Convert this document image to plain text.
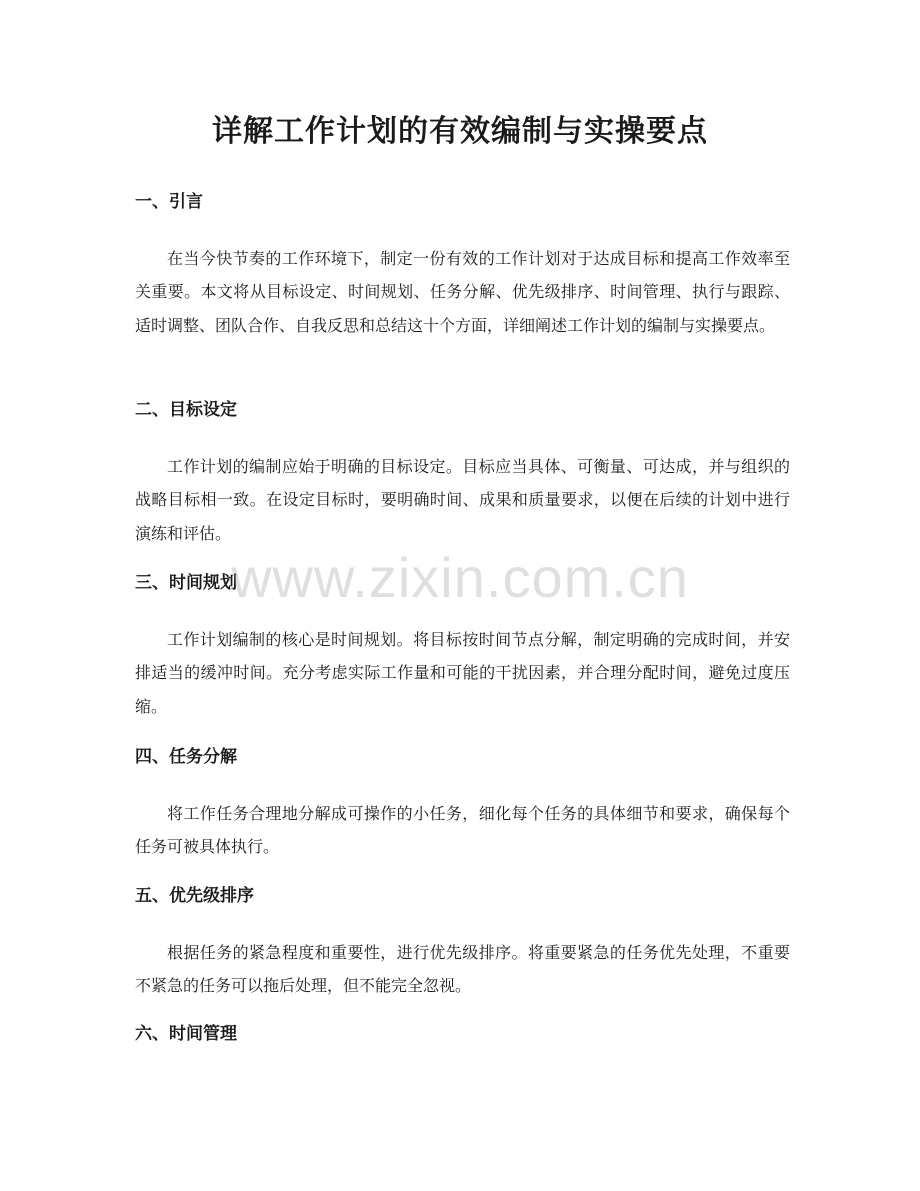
详解工作计划的有效编制与实操要点
一、引言

在当今快节奏的工作环境下，制定一份有效的工作计划对于达成目标和提高工作效率至关重要。本文将从目标设定、时间规划、任务分解、优先级排序、时间管理、执行与跟踪、适时调整、团队合作、自我反思和总结这十个方面，详细阐述工作计划的编制与实操要点。

二、目标设定

工作计划的编制应始于明确的目标设定。目标应当具体、可衡量、可达成，并与组织的战略目标相一致。在设定目标时，要明确时间、成果和质量要求，以便在后续的计划中进行演练和评估。

三、时间规划

工作计划编制的核心是时间规划。将目标按时间节点分解，制定明确的完成时间，并安排适当的缓冲时间。充分考虑实际工作量和可能的干扰因素，并合理分配时间，避免过度压缩。

四、任务分解

将工作任务合理地分解成可操作的小任务，细化每个任务的具体细节和要求，确保每个任务可被具体执行。

五、优先级排序

根据任务的紧急程度和重要性，进行优先级排序。将重要紧急的任务优先处理，不重要不紧急的任务可以拖后处理，但不能完全忽视。

六、时间管理
www.zixin.com.cn
